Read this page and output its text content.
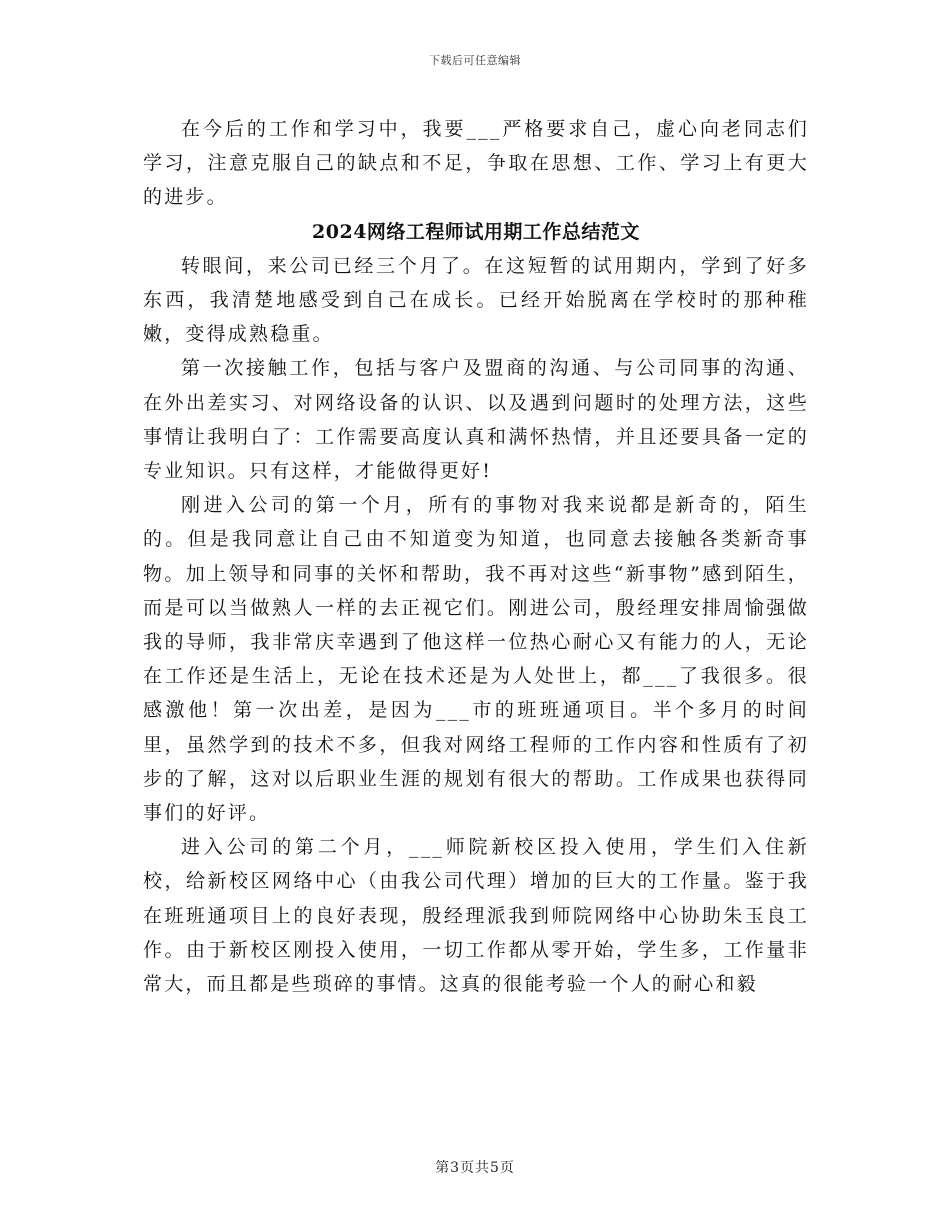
下载后可任意编辑

在今后的工作和学习中，我要___严格要求自己，虚心向老同志们学习，注意克服自己的缺点和不足，争取在思想、工作、学习上有更大的进步。

2024网络工程师试用期工作总结范文

转眼间，来公司已经三个月了。在这短暂的试用期内，学到了好多东西，我清楚地感受到自己在成长。已经开始脱离在学校时的那种稚嫩，变得成熟稳重。

第一次接触工作，包括与客户及盟商的沟通、与公司同事的沟通、在外出差实习、对网络设备的认识、以及遇到问题时的处理方法，这些事情让我明白了：工作需要高度认真和满怀热情，并且还要具备一定的专业知识。只有这样，才能做得更好!

刚进入公司的第一个月，所有的事物对我来说都是新奇的，陌生的。但是我同意让自己由不知道变为知道，也同意去接触各类新奇事物。加上领导和同事的关怀和帮助，我不再对这些“新事物”感到陌生，而是可以当做熟人一样的去正视它们。刚进公司，殷经理安排周愉强做我的导师，我非常庆幸遇到了他这样一位热心耐心又有能力的人，无论在工作还是生活上，无论在技术还是为人处世上，都___了我很多。很感激他！第一次出差，是因为___市的班班通项目。半个多月的时间里，虽然学到的技术不多，但我对网络工程师的工作内容和性质有了初步的了解，这对以后职业生涯的规划有很大的帮助。工作成果也获得同事们的好评。

进入公司的第二个月，___师院新校区投入使用，学生们入住新校，给新校区网络中心（由我公司代理）增加的巨大的工作量。鉴于我在班班通项目上的良好表现，殷经理派我到师院网络中心协助朱玉良工作。由于新校区刚投入使用，一切工作都从零开始，学生多，工作量非常大，而且都是些琐碎的事情。这真的很能考验一个人的耐心和毅

第3页共5页
